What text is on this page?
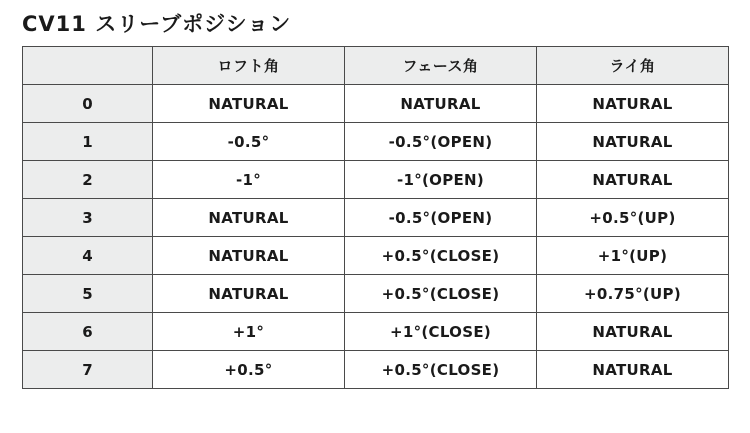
CV11 スリーブポジション
	ロフト角	フェース角	ライ角
0	NATURAL	NATURAL	NATURAL
1	-0.5°	-0.5°(OPEN)	NATURAL
2	-1°	-1°(OPEN)	NATURAL
3	NATURAL	-0.5°(OPEN)	+0.5°(UP)
4	NATURAL	+0.5°(CLOSE)	+1°(UP)
5	NATURAL	+0.5°(CLOSE)	+0.75°(UP)
6	+1°	+1°(CLOSE)	NATURAL
7	+0.5°	+0.5°(CLOSE)	NATURAL
